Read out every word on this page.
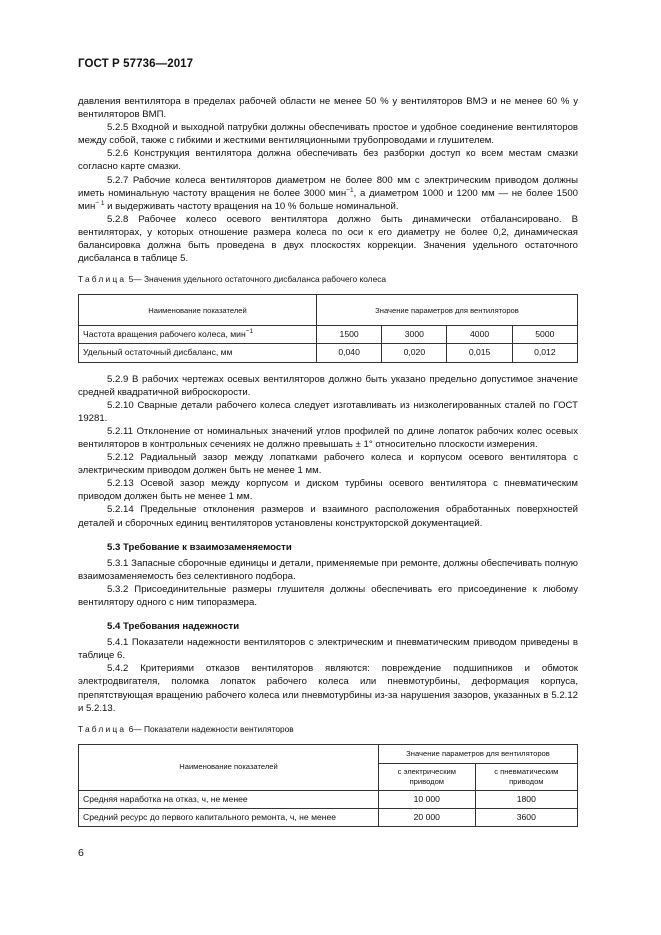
ГОСТ Р 57736—2017

давления вентилятора в пределах рабочей области не менее 50 % у вентиляторов ВМЭ и не менее 60 % у вентиляторов ВМП.

5.2.5 Входной и выходной патрубки должны обеспечивать простое и удобное соединение вентиляторов между собой, также с гибкими и жесткими вентиляционными трубопроводами и глушителем.

5.2.6 Конструкция вентилятора должна обеспечивать без разборки доступ ко всем местам смазки согласно карте смазки.

5.2.7 Рабочие колеса вентиляторов диаметром не более 800 мм с электрическим приводом должны иметь номинальную частоту вращения не более 3000 мин$^{-1}$, а диаметром 1000 и 1200 мм — не более 1500 мин$^{- 1}$ и выдерживать частоту вращения на 10 % больше номинальной.

5.2.8 Рабочее колесо осевого вентилятора должно быть динамически отбалансировано. В вентиляторах, у которых отношение размера колеса по оси к его диаметру не более 0,2, динамическая балансировка должна быть проведена в двух плоскостях коррекции. Значения удельного остаточного дисбаланса в таблице 5.

Таблица 5— Значения удельного остаточного дисбаланса рабочего колеса
Наименование показателей	Значение параметров для вентиляторов			
Частота вращения рабочего колеса, мин$^{-1}$	1500	3000	4000	5000
Удельный остаточный дисбаланс, мм	0,040	0,020	0,015	0,012

5.2.9 В рабочих чертежах осевых вентиляторов должно быть указано предельно допустимое значение средней квадратичной виброскорости.

5.2.10 Сварные детали рабочего колеса следует изготавливать из низколегированных сталей по ГОСТ 19281.

5.2.11 Отклонение от номинальных значений углов профилей по длине лопаток рабочих колес осевых вентиляторов в контрольных сечениях не должно превышать ± 1° относительно плоскости измерения.

5.2.12 Радиальный зазор между лопатками рабочего колеса и корпусом осевого вентилятора с электрическим приводом должен быть не менее 1 мм.

5.2.13 Осевой зазор между корпусом и диском турбины осевого вентилятора с пневматическим приводом должен быть не менее 1 мм.

5.2.14 Предельные отклонения размеров и взаимного расположения обработанных поверхностей деталей и сборочных единиц вентиляторов установлены конструкторской документацией.

5.3 Требование к взаимозаменяемости

5.3.1 Запасные сборочные единицы и детали, применяемые при ремонте, должны обеспечивать полную взаимозаменяемость без селективного подбора.

5.3.2 Присоединительные размеры глушителя должны обеспечивать его присоединение к любому вентилятору одного с ним типоразмера.

5.4 Требования надежности

5.4.1 Показатели надежности вентиляторов с электрическим и пневматическим приводом приведены в таблице 6.

5.4.2 Критериями отказов вентиляторов являются: повреждение подшипников и обмоток электродвигателя, поломка лопаток рабочего колеса или пневмотурбины, деформация корпуса, препятствующая вращению рабочего колеса или пневмотурбины из-за нарушения зазоров, указанных в 5.2.12 и 5.2.13.

Таблица 6— Показатели надежности вентиляторов
Наименование показателей	Значение параметров для вентиляторов	
	с электрическим приводом	с пневматическим приводом
Средняя наработка на отказ, ч, не менее	10 000	1800
Средний ресурс до первого капитального ремонта, ч, не менее	20 000	3600
6
